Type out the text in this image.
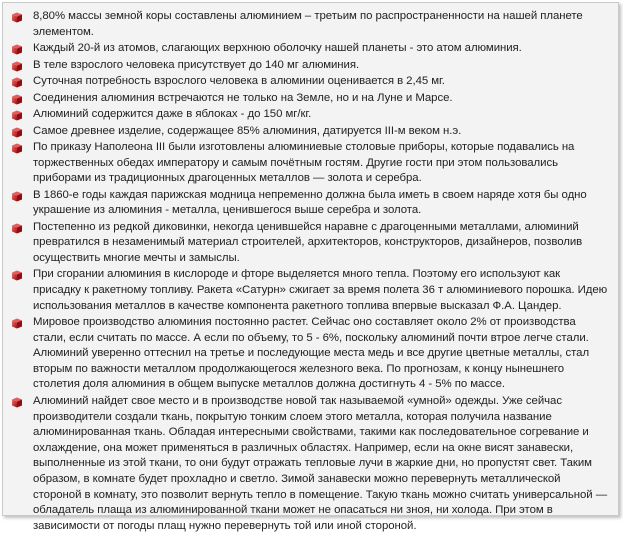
8,80% массы земной коры составлены алюминием – третьим по распространенности на нашей планете элементом.
Каждый 20-й из атомов, слагающих верхнюю оболочку нашей планеты - это атом алюминия.
В теле взрослого человека присутствует до 140 мг алюминия.
Суточная потребность взрослого человека в алюминии оценивается в 2,45 мг.
Соединения алюминия встречаются не только на Земле, но и на Луне и Марсе.
Алюминий содержится даже в яблоках - до 150 мг/кг.
Самое древнее изделие, содержащее 85% алюминия, датируется III-м веком н.э.
По приказу Наполеона III были изготовлены алюминиевые столовые приборы, которые подавались на торжественных обедах императору и самым почётным гостям. Другие гости при этом пользовались приборами из традиционных драгоценных металлов — золота и серебра.
В 1860-е годы каждая парижская модница непременно должна была иметь в своем наряде хотя бы одно украшение из алюминия - металла, ценившегося выше серебра и золота.
Постепенно из редкой диковинки, некогда ценившейся наравне с драгоценными металлами, алюминий превратился в незаменимый материал строителей, архитекторов, конструкторов, дизайнеров, позволив осуществить многие мечты и замыслы.
При сгорании алюминия в кислороде и фторе выделяется много тепла. Поэтому его используют как присадку к ракетному топливу. Ракета «Сатурн» сжигает за время полета 36 т алюминиевого порошка. Идею использования металлов в качестве компонента ракетного топлива впервые высказал Ф.А. Цандер.
Мировое производство алюминия постоянно растет. Сейчас оно составляет около 2% от производства стали, если считать по массе. А если по объему, то 5 - 6%, поскольку алюминий почти втрое легче стали. Алюминий уверенно оттеснил на третье и последующие места медь и все другие цветные металлы, стал вторым по важности металлом продолжающегося железного века. По прогнозам, к концу нынешнего столетия доля алюминия в общем выпуске металлов должна достигнуть 4 - 5% по массе.
Алюминий найдет свое место и в производстве новой так называемой «умной» одежды. Уже сейчас производители создали ткань, покрытую тонким слоем этого металла, которая получила название алюминированная ткань. Обладая интересными свойствами, такими как последовательное согревание и охлаждение, она может применяться в различных областях. Например, если на окне висят занавески, выполненные из этой ткани, то они будут отражать тепловые лучи в жаркие дни, но пропустят свет. Таким образом, в комнате будет прохладно и светло. Зимой занавески можно перевернуть металлической стороной в комнату, это позволит вернуть тепло в помещение. Такую ткань можно считать универсальной — обладатель плаща из алюминированной ткани может не опасаться ни зноя, ни холода. При этом в зависимости от погоды плащ нужно перевернуть той или иной стороной.
